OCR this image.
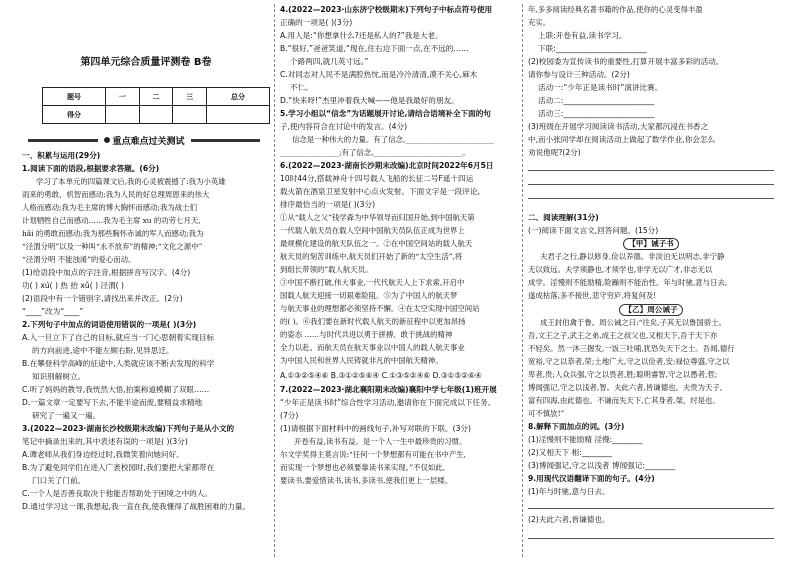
第四单元综合质量评测卷 B卷
题号	一	二	三	总分
得分				
重点难点过关测试
一、积累与运用(29分)
1.阅读下面的语段,根据要求答题。(6分)
学习了本单元的四篇课文后,我的心灵被震撼了:我为小英雄
雨来的勇敢、机智而感动;我为人民的好总理周恩来的伟大
人格而感动;我为毛主席的博大胸怀而感动;我为战士们
计划牺牲自己而感动……我为毛主席 xu 的功劳七月天,
hǎi 的勇敢而感动;我为那些胸怀赤诚的军人而感动;我为
“泾渭分明”以及一种叫“永不放弃”的精神;“文化之源中”
“泾渭分明 不能浊淆”的爱心而动。
(1)给语段中加点的字注音,根据拼音写汉字。(4分)
功( ) xú( ) 热 抬 xǔ( ) 泾渭( )
(2)语段中有一个错别字,请找出来并改正。(2分)
“____”改为“____”
2.下列句子中加点的词语使用错误的一项是( )(3分)
A.入一旦立下了自己的目标,就应当一门心思朝着实现目标
的方向前进,途中不能左顾右盼,见异思迁。
B.在攀登科学高峰的征途中,人类就应该不断去发现的科学
知识别解树立。
C.听了妈妈的教导,我恍然大悟,拍案称道模糊了双眼……
D.一篇文章一定要写下去,不能半途而废,要精益求精地
研究了一遍又一遍。
3.(2022—2023·湖南长沙校级期末改编)下列句子是从小文的
笔记中摘录出来的,其中表述有误的一项是( )(3分)
A.谭老师从我们身边经过时,我微笑着向她问好。
B.为了避免同学们在进入广袤校园时,我们要把大家都带在
门口关了门前。
C.一个人是否善良取决于他能否帮助处于困境之中的人。
D.通过学习这一课,我想起,我一直在我,使我懂得了战胜困难的力量。
4.(2022—2023·山东济宁校级期末)下列句子中标点符号使用
正确的一项是( )(3分)
A.用人是:“你想拿什么?还是私人的?”我是大老。
B.“很好,”爸爸笑道,“现在,住右边下面一点,在不远的……
个路两四,就几英寸远。”
C.对同志对人民不是满腔热忱,而是冷冷清清,漠不关心,麻木
不仁。
D.“快来呀!”杰里冲着我大喊——他是我最好的朋友。
5.学习小组以“信念”为话题展开讨论,请结合语境补全下面的句
子,使内容符合在讨论中的发言。(4分)
信念是一种伟大的力量。有了信念,________________________
________________;有了信念,________________________。
6.(2022—2023·湖南长沙期末改编)北京时间2022年6月5日
10时44分,搭载神舟十四号载人飞船的长征二号F遥十四运
载火箭在酒泉卫星发射中心点火发射。下面文字是一段评论,
排序最恰当的一项是( )(3分)
①从“载人之父”钱学森为中华领导而归国开始,到中国航天第
一代载人航天员在载人空间中国航天员队伍正成为世界上
最规模化建设的航天队伍之一。②在中国空间站的载人航天
航天员的刻苦训练中,航天员们开始了新的“太空生活”,将
到组长带领的”载人航天员。
③中国不断打破,伟大事业,一代代航天人上下求索,开启中
国载人航天迎接一切艰难险阻。⑤为了中国人的航天梦
与航天事业的理想都必须坚持不懈。④在太空实现中国空间站
的( )。⑥我们要在新时代载人航天的新征程中以更加昂扬
的姿态 ……与时代共进以勇于拼搏、敢于挑战的精神
全力以赴。而航天员在航天事业以中国人的载人航天事业
为中国人民和世界人民铸就非凡的中国航天精神。
A.①③②⑤④⑥ B.③①②⑤⑥④ C.①③⑤②④⑥ D.③①⑤②⑥④
7.(2022—2023·湖北襄阳期末改编)襄阳中学七年级(1)班开展
“少年正是读书时”综合性学习活动,邀请你在下面完成以下任务。
(7分)
(1)请根据下面材料中的画线句子,补写对联的下联。(3分)
开卷有益,读书有益。是一个人一生中最珍贵的习惯。
尔文学奖得主莫言说:“任何一个梦想都有可能在书中产生,
而实现一个梦想也必须要靠读书来实现。”不仅如此,
要读书,要爱惜读书,读书,多读书,使我们更上一层楼。
年,多多阅读经典名著书籍的作品,使你的心灵变得丰盈
充实。
上联:开卷有益,读书学习,
下联:________________________
(2)校园委为宣传读书的重要性,打算开展丰富多彩的活动,
请你参与设计三种活动。(2分)
活动一:“少年正是读书时”演讲比赛。
活动二:________________________
活动三:________________________
(3)班级在开展学习阅读读书活动,大家都沉浸在书香之
中,而小张同学却在阅读活动上做起了数学作业,你会怎么
劝说他呢?(2分)
二、阅读理解(31分)
(一)阅读下面文言文,回答问题。(15分)
【甲】诫子书
夫君子之行,静以修身,俭以养德。非淡泊无以明志,非宁静
无以致远。夫学须静也,才须学也,非学无以广才,非志无以
成学。淫慢则不能励精,险躁则不能治性。年与时驰,意与日去,
遂成枯落,多不接世,悲守穷庐,将复何及!
【乙】周公诫子
成王封伯禽于鲁。周公诫之曰:“往矣,子其无以鲁国骄士。
吾,文王之子,武王之弟,成王之叔父也,又相天下,吾于天下亦
不轻矣。然一沐三握发,一饭三吐哺,犹恐失天下之士。吾闻,德行
宽裕,守之以恭者,荣;土地广大,守之以俭者,安;禄位尊盛,守之以
卑者,贵;人众兵强,守之以畏者,胜;聪明睿智,守之以愚者,哲;
博闻强记,守之以浅者,智。夫此六者,皆谦德也。夫贵为天子,
富有四海,由此德也。不谦而失天下,亡其身者,桀、纣是也。
可不慎欤!”
8.解释下面加点的词。(3分)
(1)淫慢则不能励精 淫慢:________
(2)又相天下 相:________
(3)博闻强记,守之以浅者 博闻强记:________
9.用现代汉语翻译下面的句子。(4分)
(1)年与时驰,意与日去。
(2)夫此六者,皆谦德也。
